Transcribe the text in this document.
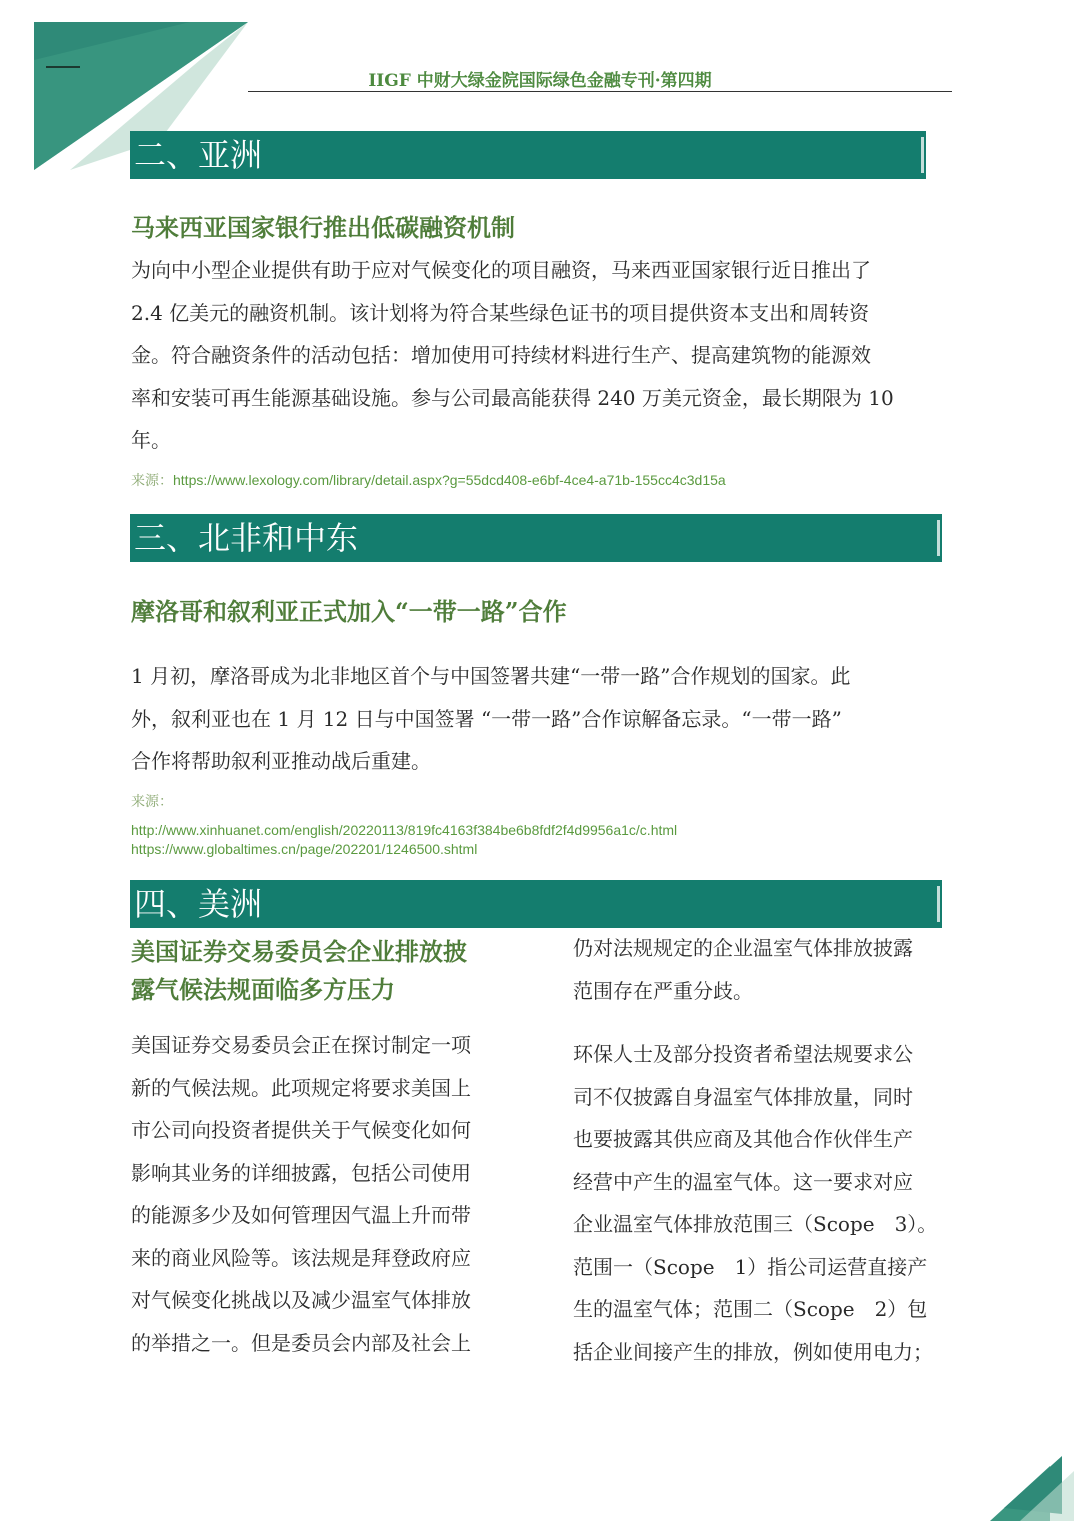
IIGF 中财大绿金院国际绿色金融专刊·第四期
二、亚洲
马来西亚国家银行推出低碳融资机制
为向中小型企业提供有助于应对气候变化的项目融资，马来西亚国家银行近日推出了
2.4 亿美元的融资机制。该计划将为符合某些绿色证书的项目提供资本支出和周转资
金。符合融资条件的活动包括：增加使用可持续材料进行生产、提高建筑物的能源效
率和安装可再生能源基础设施。参与公司最高能获得 240 万美元资金，最长期限为 10
年。
来源：https://www.lexology.com/library/detail.aspx?g=55dcd408-e6bf-4ce4-a71b-155cc4c3d15a
三、北非和中东
摩洛哥和叙利亚正式加入“一带一路”合作
1 月初，摩洛哥成为北非地区首个与中国签署共建“一带一路”合作规划的国家。此
外，叙利亚也在 1 月 12 日与中国签署 “一带一路”合作谅解备忘录。“一带一路”
合作将帮助叙利亚推动战后重建。
来源：
http://www.xinhuanet.com/english/20220113/819fc4163f384be6b8fdf2f4d9956a1c/c.html
https://www.globaltimes.cn/page/202201/1246500.shtml
四、美洲
美国证券交易委员会企业排放披
露气候法规面临多方压力
美国证券交易委员会正在探讨制定一项
新的气候法规。此项规定将要求美国上
市公司向投资者提供关于气候变化如何
影响其业务的详细披露，包括公司使用
的能源多少及如何管理因气温上升而带
来的商业风险等。该法规是拜登政府应
对气候变化挑战以及减少温室气体排放
的举措之一。但是委员会内部及社会上
仍对法规规定的企业温室气体排放披露
范围存在严重分歧。
环保人士及部分投资者希望法规要求公
司不仅披露自身温室气体排放量，同时
也要披露其供应商及其他合作伙伴生产
经营中产生的温室气体。这一要求对应
企业温室气体排放范围三（Scope　3）。
范围一（Scope　1）指公司运营直接产
生的温室气体；范围二（Scope　2）包
括企业间接产生的排放，例如使用电力；
